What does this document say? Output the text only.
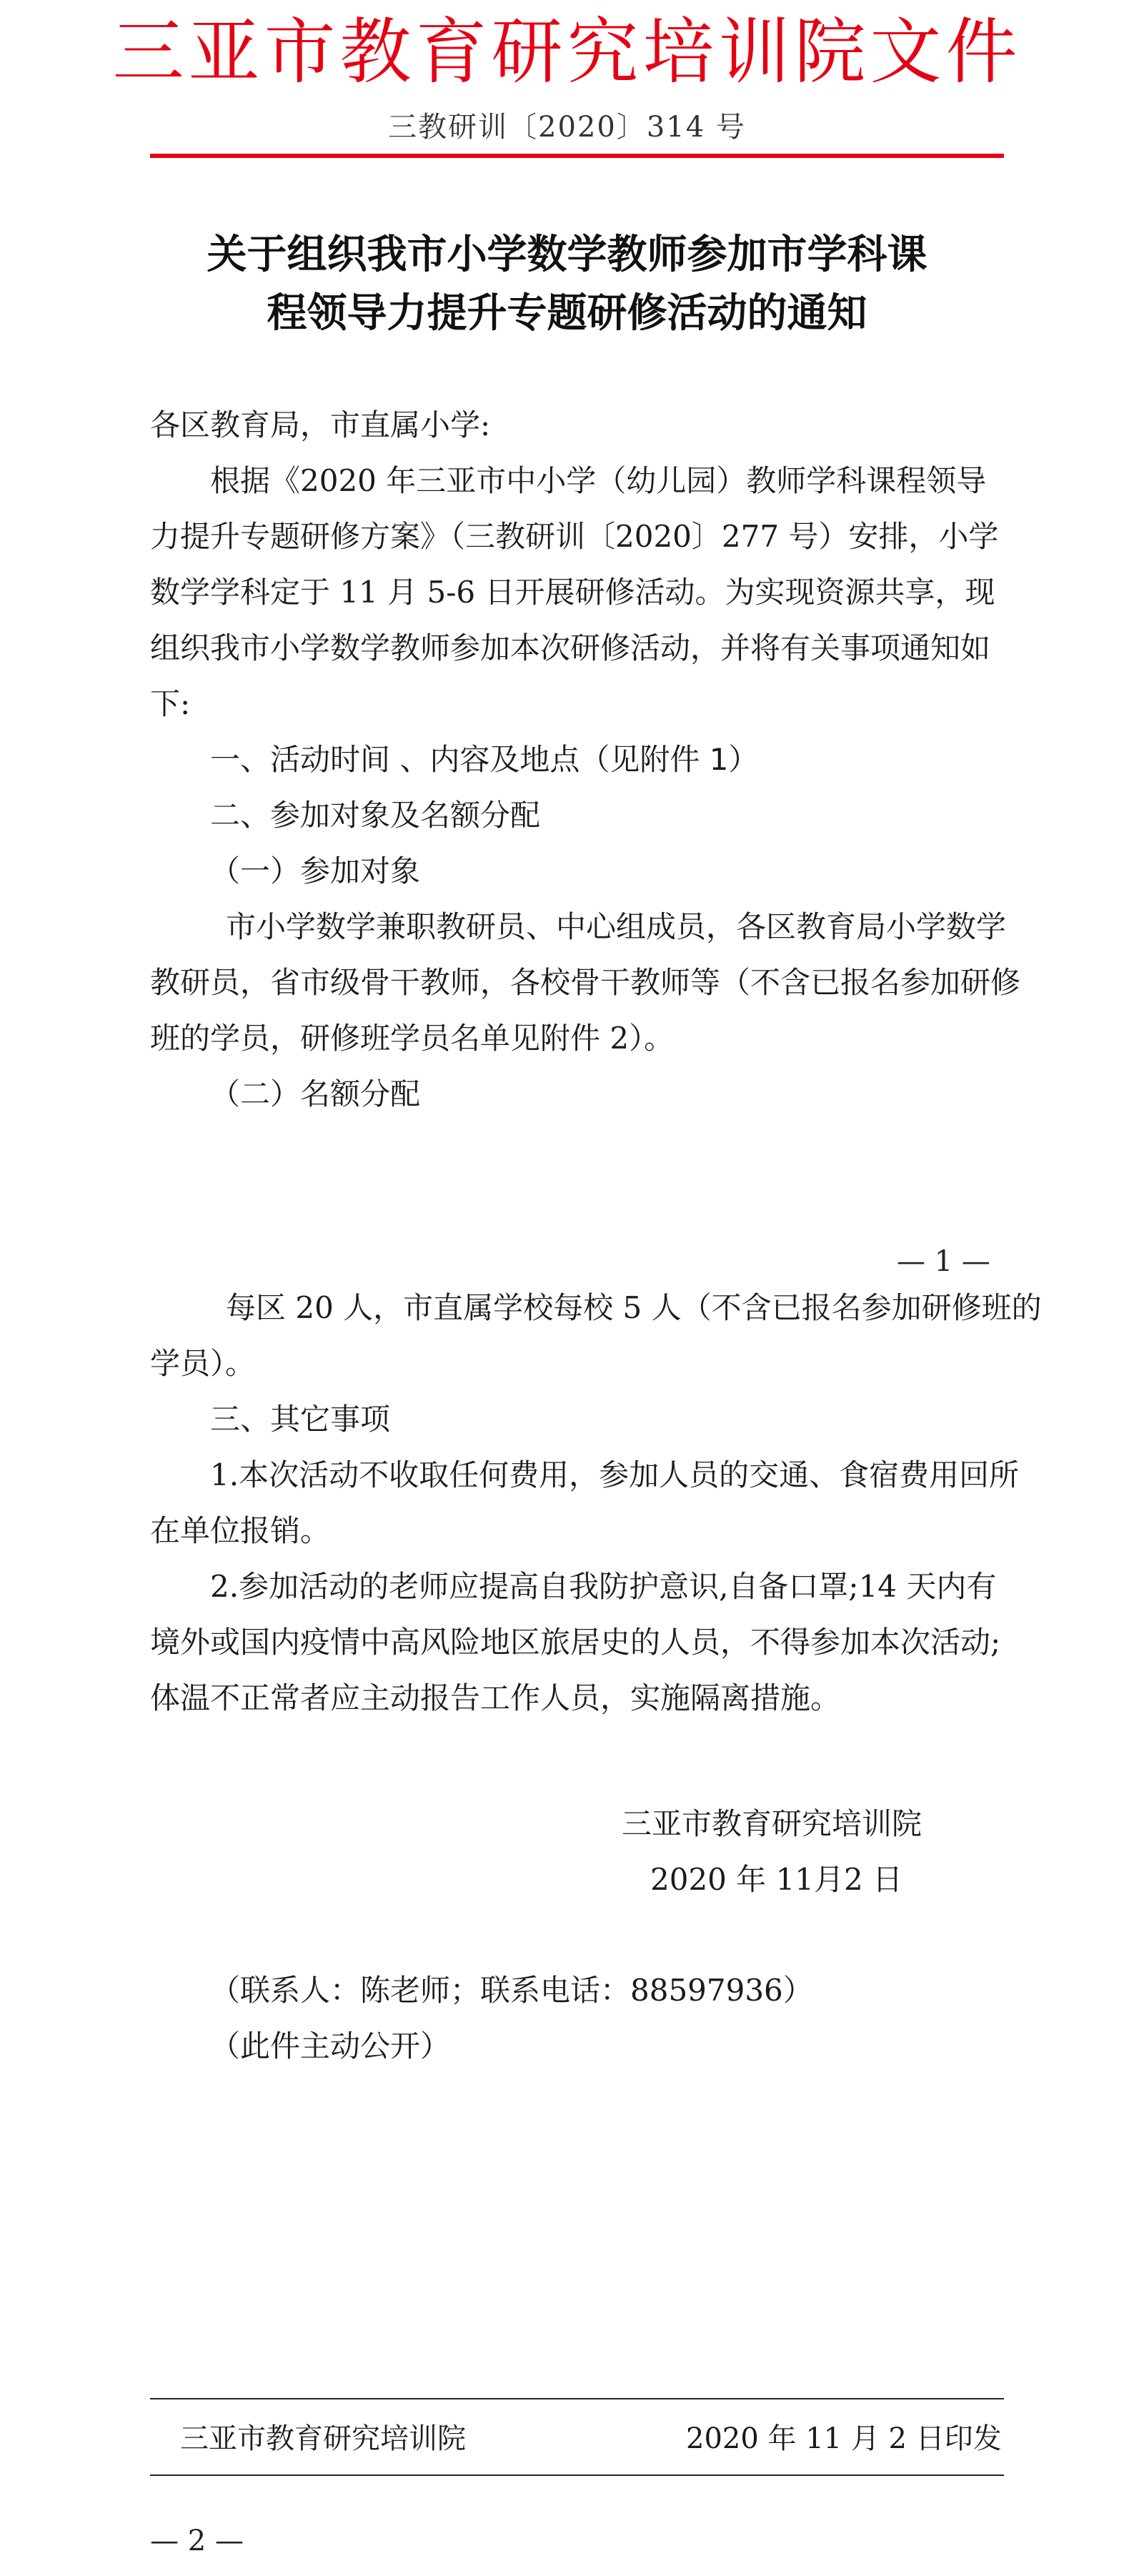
三亚市教育研究培训院文件
三教研训〔2020〕314 号
关于组织我市小学数学教师参加市学科课
程领导力提升专题研修活动的通知
各区教育局，市直属小学:
根据《2020 年三亚市中小学（幼儿园）教师学科课程领导
力提升专题研修方案》（三教研训〔2020〕277 号）安排，小学
数学学科定于 11 月 5-6 日开展研修活动。为实现资源共享，现
组织我市小学数学教师参加本次研修活动，并将有关事项通知如
下:
一、活动时间 、内容及地点（见附件 1）
二、参加对象及名额分配
（一）参加对象
市小学数学兼职教研员、中心组成员，各区教育局小学数学
教研员，省市级骨干教师，各校骨干教师等（不含已报名参加研修
班的学员，研修班学员名单见附件 2）。
（二）名额分配
— 1 —
每区 20 人，市直属学校每校 5 人（不含已报名参加研修班的
学员）。
三、其它事项
1.本次活动不收取任何费用，参加人员的交通、食宿费用回所
在单位报销。
2.参加活动的老师应提高自我防护意识,自备口罩;14 天内有
境外或国内疫情中高风险地区旅居史的人员，不得参加本次活动;
体温不正常者应主动报告工作人员，实施隔离措施。
三亚市教育研究培训院
2020 年 11月2 日
（联系人：陈老师；联系电话：88597936）
（此件主动公开）
三亚市教育研究培训院	2020 年 11 月 2 日印发
— 2 —
